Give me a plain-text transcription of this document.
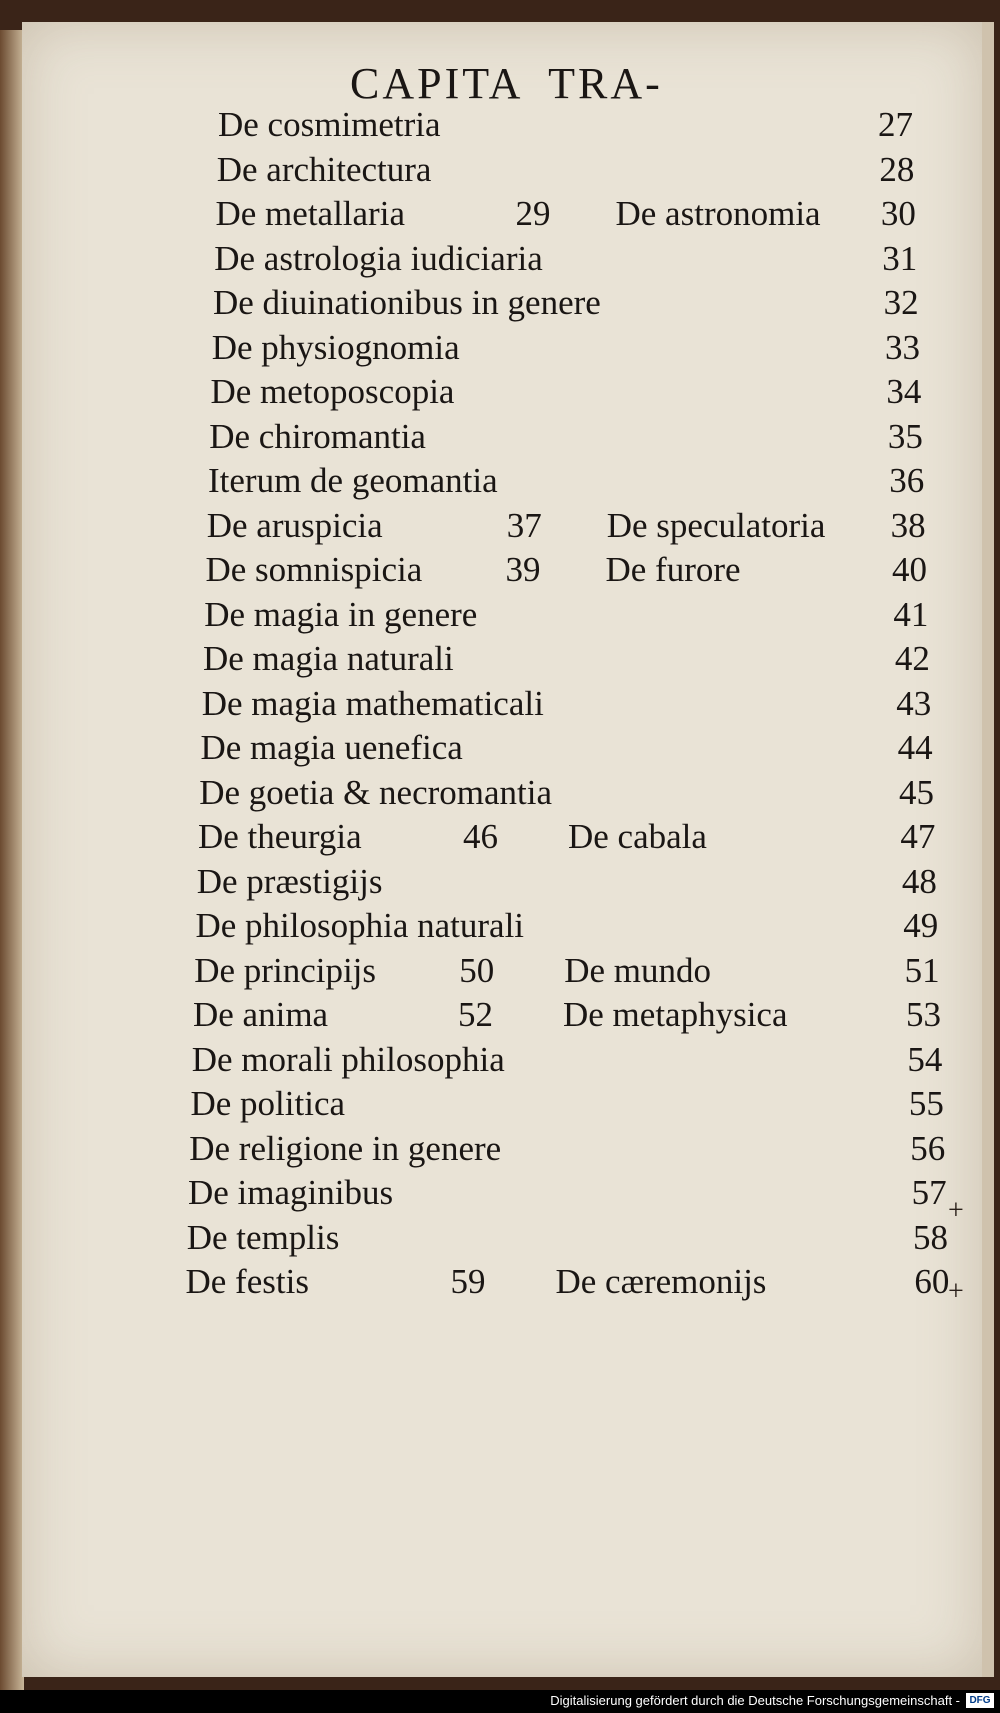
CAPITA  TRA-
De cosmimetria	27
De architectura	28
De metallaria	29 De astronomia 30
De astrologia iudiciaria	31
De diuinationibus in genere	32
De physiognomia	33
De metoposcopia	34
De chiromantia	35
Iterum de geomantia	36
De aruspicia	37 De speculatoria 38
De somnispicia 39 De furore	40
De magia in genere	41
De magia naturali	42
De magia mathematicali	43
De magia uenefica	44
De goetia & necromantia	45
De theurgia	46 De cabala	47
De præstigijs	48
De philosophia naturali	49
De principijs 50 De mundo	51
De anima	52 De metaphysica	53
De morali philosophia	54
De politica	55
De religione in genere	56
De imaginibus	57
De templis	58
De festis	59 De cæremonijs	60
+
+
Digitalisierung gefördert durch die Deutsche Forschungsgemeinschaft - DFG
